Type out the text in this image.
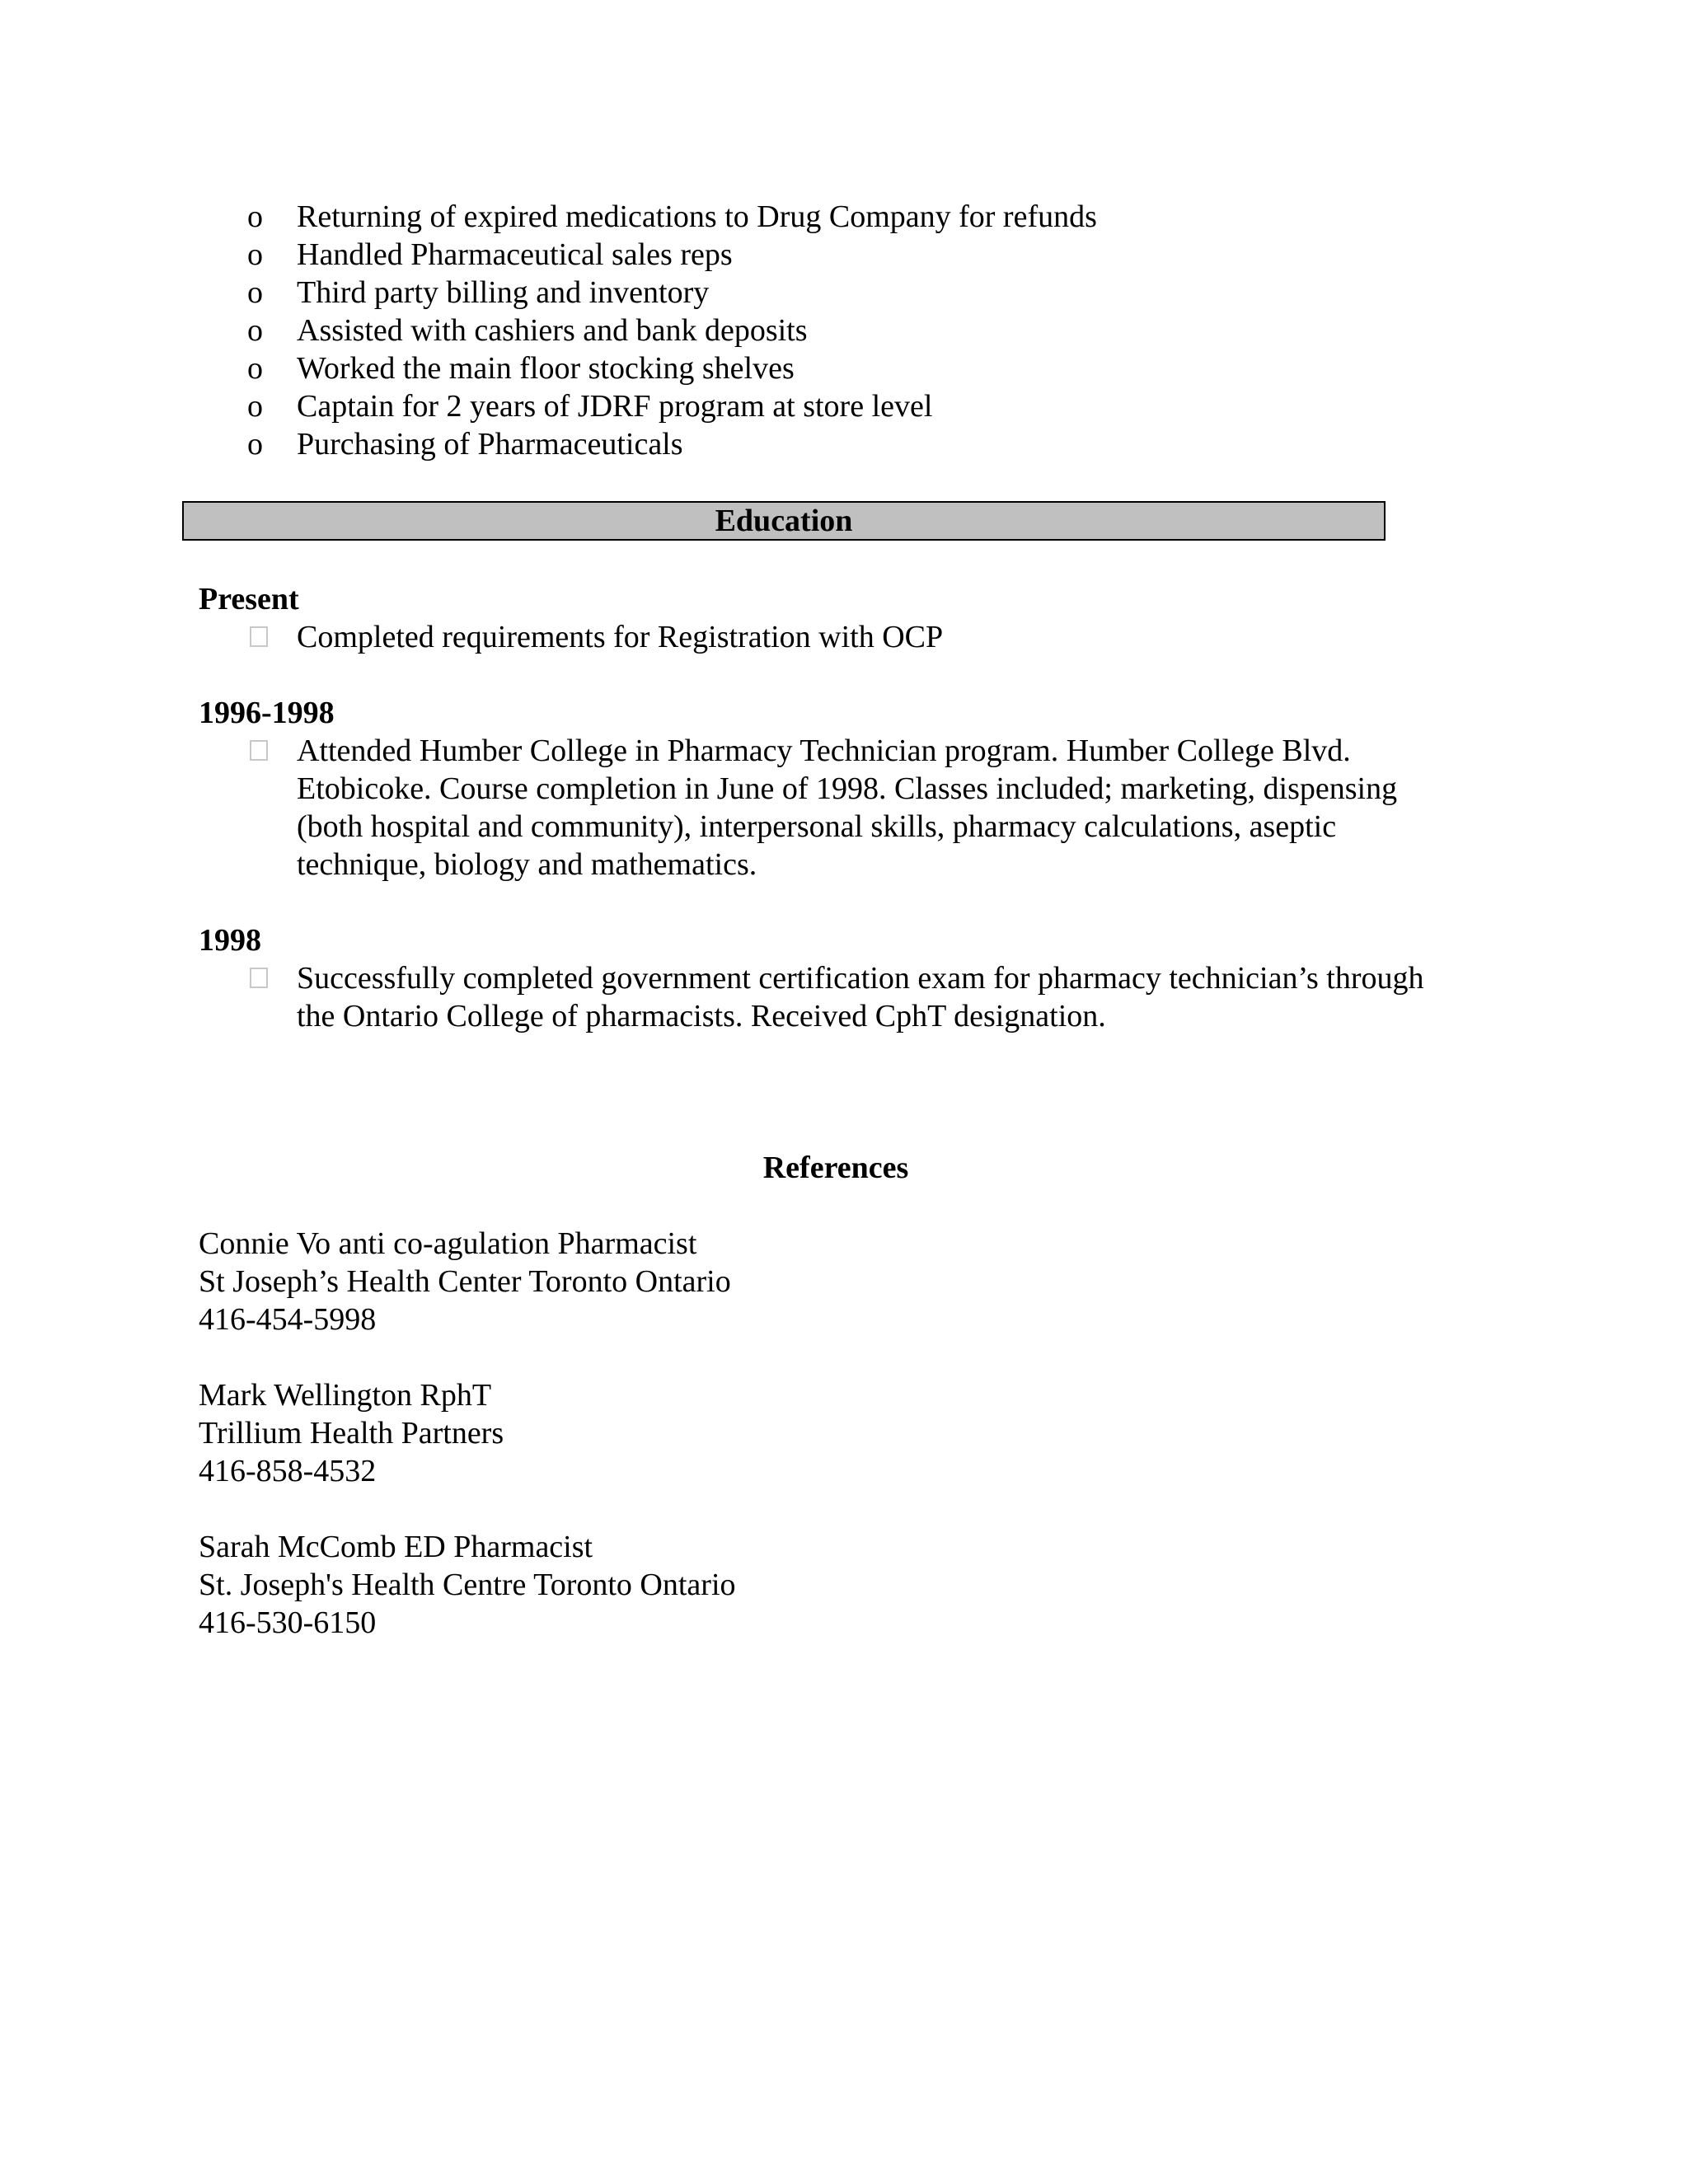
o	Returning of expired medications to Drug Company for refunds
o	Handled Pharmaceutical sales reps
o	Third party billing and inventory
o	Assisted with cashiers and bank deposits
o	Worked the main floor stocking shelves
o	Captain for 2 years of JDRF program at store level
o	Purchasing of Pharmaceuticals
Education
Present
Completed requirements for Registration with OCP
1996-1998
Attended Humber College in Pharmacy Technician program. Humber College Blvd.
Etobicoke. Course completion in June of 1998. Classes included; marketing, dispensing
(both hospital and community), interpersonal skills, pharmacy calculations, aseptic
technique, biology and mathematics.
1998
Successfully completed government certification exam for pharmacy technician’s through
the Ontario College of pharmacists. Received CphT designation.
References
Connie Vo anti co-agulation Pharmacist
St Joseph’s Health Center Toronto Ontario
416-454-5998
Mark Wellington RphT
Trillium Health Partners
416-858-4532
Sarah McComb ED Pharmacist
St. Joseph's Health Centre Toronto Ontario
416-530-6150
